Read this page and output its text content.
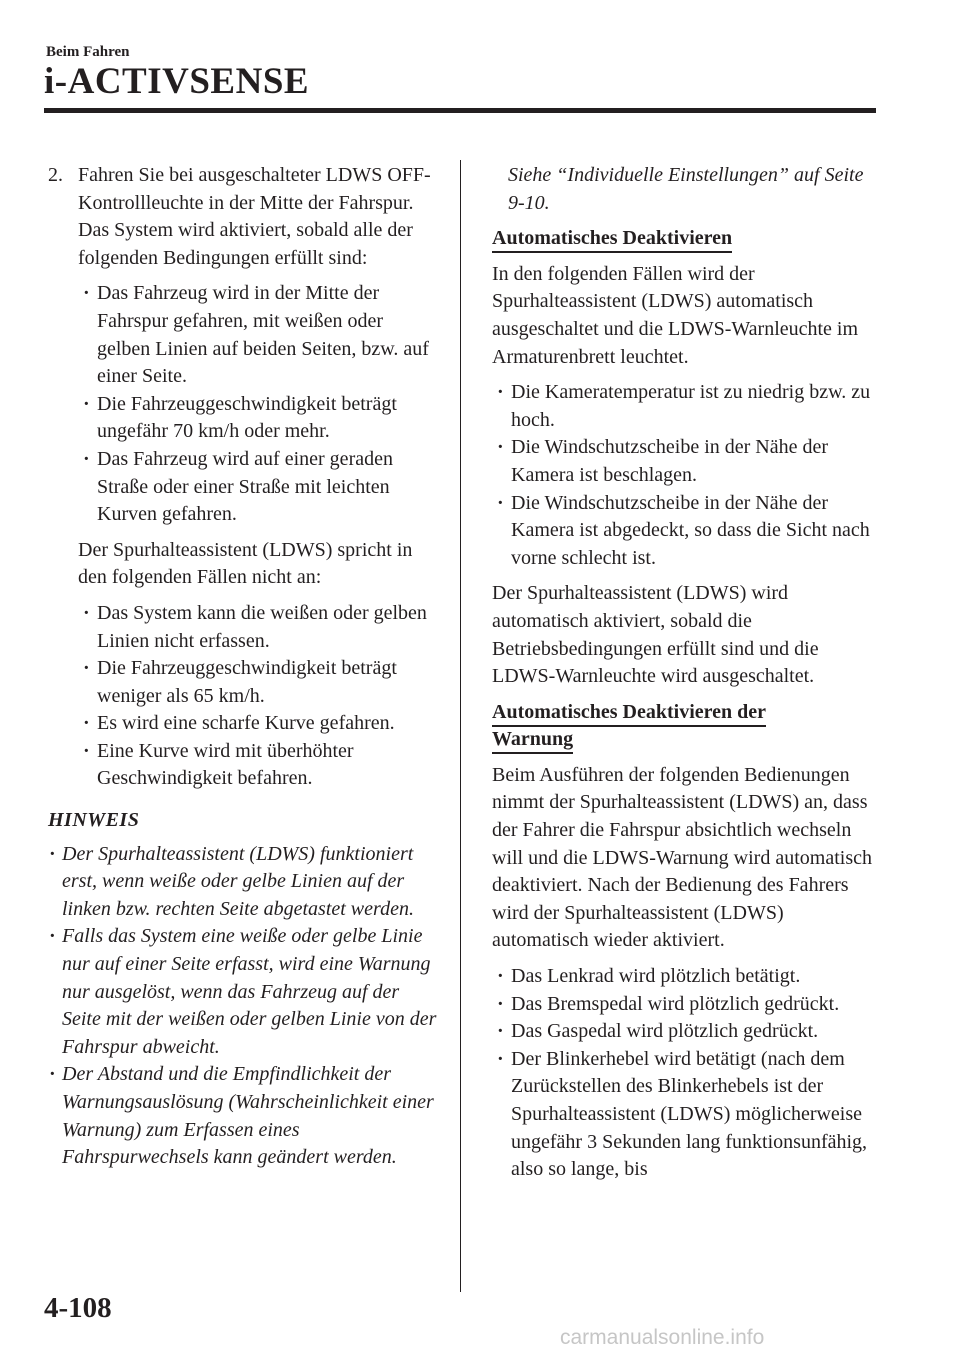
Beim Fahren
i-ACTIVSENSE
2. Fahren Sie bei ausgeschalteter LDWS OFF-Kontrollleuchte in der Mitte der Fahrspur. Das System wird aktiviert, sobald alle der folgenden Bedingungen erfüllt sind:
· Das Fahrzeug wird in der Mitte der Fahrspur gefahren, mit weißen oder gelben Linien auf beiden Seiten, bzw. auf einer Seite.
· Die Fahrzeuggeschwindigkeit beträgt ungefähr 70 km/h oder mehr.
· Das Fahrzeug wird auf einer geraden Straße oder einer Straße mit leichten Kurven gefahren.

Der Spurhalteassistent (LDWS) spricht in den folgenden Fällen nicht an:

· Das System kann die weißen oder gelben Linien nicht erfassen.
· Die Fahrzeuggeschwindigkeit beträgt weniger als 65 km/h.
· Es wird eine scharfe Kurve gefahren.
· Eine Kurve wird mit überhöhter Geschwindigkeit befahren.
HINWEIS
· Der Spurhalteassistent (LDWS) funktioniert erst, wenn weiße oder gelbe Linien auf der linken bzw. rechten Seite abgetastet werden.
· Falls das System eine weiße oder gelbe Linie nur auf einer Seite erfasst, wird eine Warnung nur ausgelöst, wenn das Fahrzeug auf der Seite mit der weißen oder gelben Linie von der Fahrspur abweicht.
· Der Abstand und die Empfindlichkeit der Warnungsauslösung (Wahrscheinlichkeit einer Warnung) zum Erfassen eines Fahrspurwechsels kann geändert werden.

Siehe “Individuelle Einstellungen” auf Seite 9-10.

Automatisches Deaktivieren

In den folgenden Fällen wird der Spurhalteassistent (LDWS) automatisch ausgeschaltet und die LDWS-Warnleuchte im Armaturenbrett leuchtet.

· Die Kameratemperatur ist zu niedrig bzw. zu hoch.
· Die Windschutzscheibe in der Nähe der Kamera ist beschlagen.
· Die Windschutzscheibe in der Nähe der Kamera ist abgedeckt, so dass die Sicht nach vorne schlecht ist.

Der Spurhalteassistent (LDWS) wird automatisch aktiviert, sobald die Betriebsbedingungen erfüllt sind und die LDWS-Warnleuchte wird ausgeschaltet.

Automatisches Deaktivieren der
Warnung

Beim Ausführen der folgenden Bedienungen nimmt der Spurhalteassistent (LDWS) an, dass der Fahrer die Fahrspur absichtlich wechseln will und die LDWS-Warnung wird automatisch deaktiviert. Nach der Bedienung des Fahrers wird der Spurhalteassistent (LDWS) automatisch wieder aktiviert.

· Das Lenkrad wird plötzlich betätigt.
· Das Bremspedal wird plötzlich gedrückt.
· Das Gaspedal wird plötzlich gedrückt.
· Der Blinkerhebel wird betätigt (nach dem Zurückstellen des Blinkerhebels ist der Spurhalteassistent (LDWS) möglicherweise ungefähr 3 Sekunden lang funktionsunfähig, also so lange, bis
4-108
carmanualsonline.info
